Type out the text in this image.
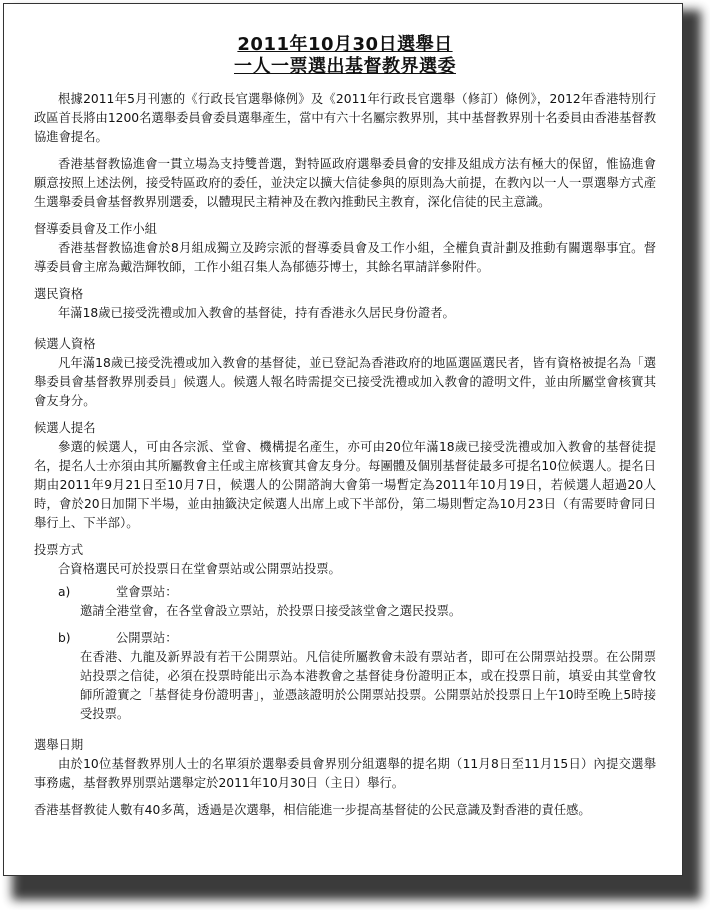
2011年10月30日選舉日
一人一票選出基督教界選委

根據2011年5月刊憲的《行政長官選舉條例》及《2011年行政長官選舉（修訂）條例》，2012年香港特別行政區首長將由1200名選舉委員會委員選舉產生，當中有六十名屬宗教界別，其中基督教界別十名委員由香港基督教協進會提名。

香港基督教協進會一貫立場為支持雙普選，對特區政府選舉委員會的安排及組成方法有極大的保留，惟協進會願意按照上述法例，接受特區政府的委任，並決定以擴大信徒參與的原則為大前提，在教內以一人一票選舉方式產生選舉委員會基督教界別選委，以體現民主精神及在教內推動民主教育，深化信徒的民主意識。

督導委員會及工作小組

香港基督教協進會於8月組成獨立及跨宗派的督導委員會及工作小組，全權負責計劃及推動有關選舉事宜。督導委員會主席為戴浩輝牧師，工作小組召集人為郁德芬博士，其餘名單請詳參附件。

選民資格

年滿18歲已接受洗禮或加入教會的基督徒，持有香港永久居民身份證者。

候選人資格

凡年滿18歲已接受洗禮或加入教會的基督徒，並已登記為香港政府的地區選區選民者，皆有資格被提名為「選舉委員會基督教界別委員」候選人。候選人報名時需提交已接受洗禮或加入教會的證明文件，並由所屬堂會核實其會友身分。

候選人提名

參選的候選人，可由各宗派、堂會、機構提名產生，亦可由20位年滿18歲已接受洗禮或加入教會的基督徒提名，提名人士亦須由其所屬教會主任或主席核實其會友身分。每團體及個別基督徒最多可提名10位候選人。提名日期由2011年9月21日至10月7日，候選人的公開諮詢大會第一場暫定為2011年10月19日，若候選人超過20人時，會於20日加開下半場，並由抽籤決定候選人出席上或下半部份，第二場則暫定為10月23日（有需要時會同日舉行上、下半部）。

投票方式

合資格選民可於投票日在堂會票站或公開票站投票。

a)	堂會票站：

邀請全港堂會，在各堂會設立票站，於投票日接受該堂會之選民投票。

b)	公開票站：

在香港、九龍及新界設有若干公開票站。凡信徒所屬教會未設有票站者，即可在公開票站投票。在公開票站投票之信徒，必須在投票時能出示為本港教會之基督徒身份證明正本，或在投票日前，填妥由其堂會牧師所證實之「基督徒身份證明書」，並憑該證明於公開票站投票。公開票站於投票日上午10時至晚上5時接受投票。

選舉日期

由於10位基督教界別人士的名單須於選舉委員會界別分組選舉的提名期（11月8日至11月15日）內提交選舉事務處，基督教界別票站選舉定於2011年10月30日（主日）舉行。

香港基督教徒人數有40多萬，透過是次選舉，相信能進一步提高基督徒的公民意識及對香港的責任感。
